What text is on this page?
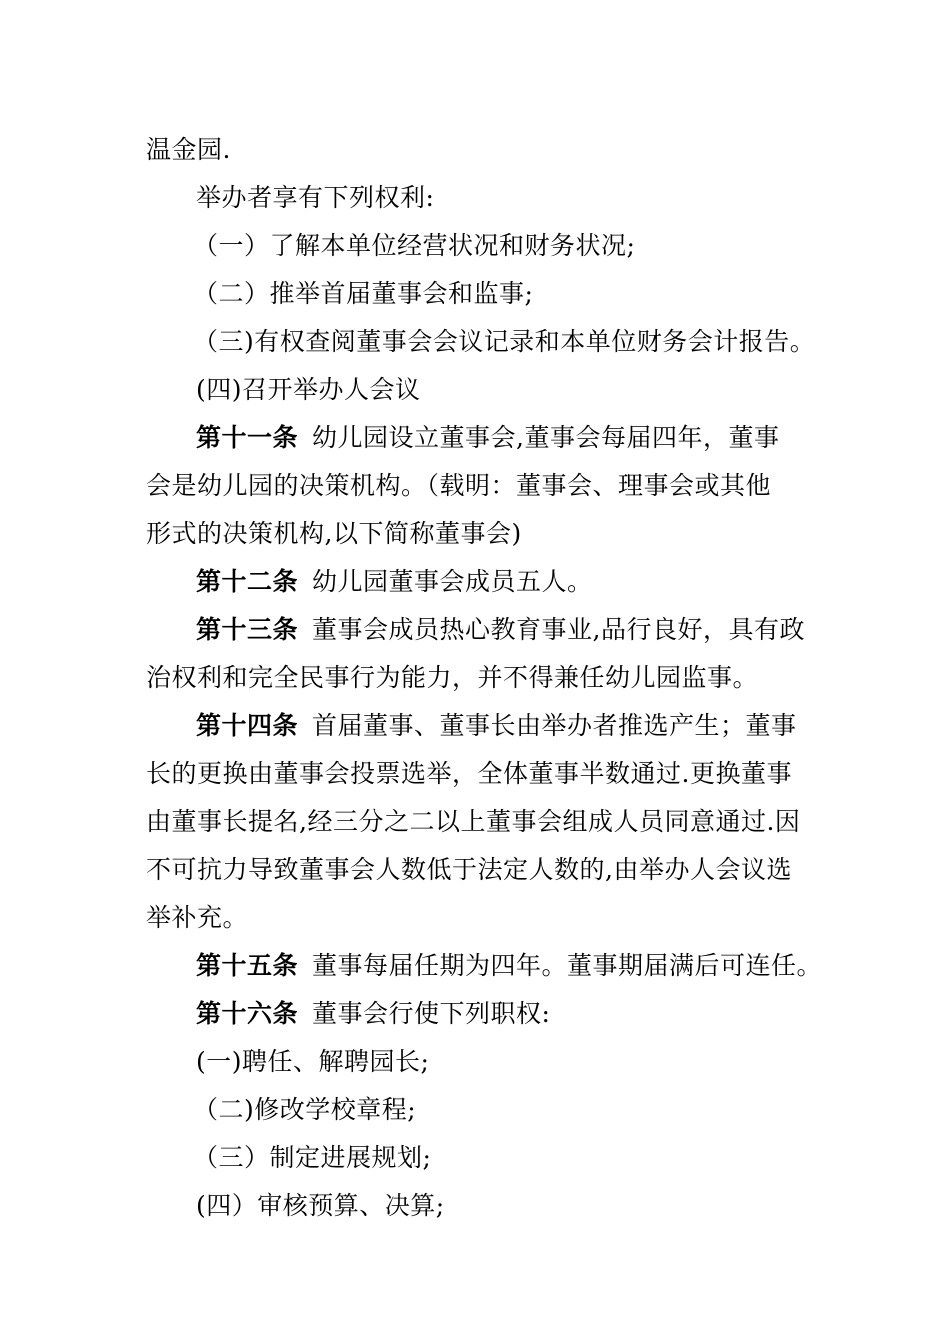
温金园.
举办者享有下列权利:
（一）了解本单位经营状况和财务状况;
（二）推举首届董事会和监事;
（三)有权查阅董事会会议记录和本单位财务会计报告。
(四)召开举办人会议
第十一条 幼儿园设立董事会,董事会每届四年，董事
会是幼儿园的决策机构。（载明：董事会、理事会或其他
形式的决策机构,以下简称董事会)
第十二条 幼儿园董事会成员五人。
第十三条 董事会成员热心教育事业,品行良好，具有政
治权利和完全民事行为能力，并不得兼任幼儿园监事。
第十四条 首届董事、董事长由举办者推选产生；董事
长的更换由董事会投票选举，全体董事半数通过.更换董事
由董事长提名,经三分之二以上董事会组成人员同意通过.因
不可抗力导致董事会人数低于法定人数的,由举办人会议选
举补充。
第十五条 董事每届任期为四年。董事期届满后可连任。
第十六条 董事会行使下列职权:
(一)聘任、解聘园长;
（二)修改学校章程;
（三）制定进展规划;
(四）审核预算、决算;
